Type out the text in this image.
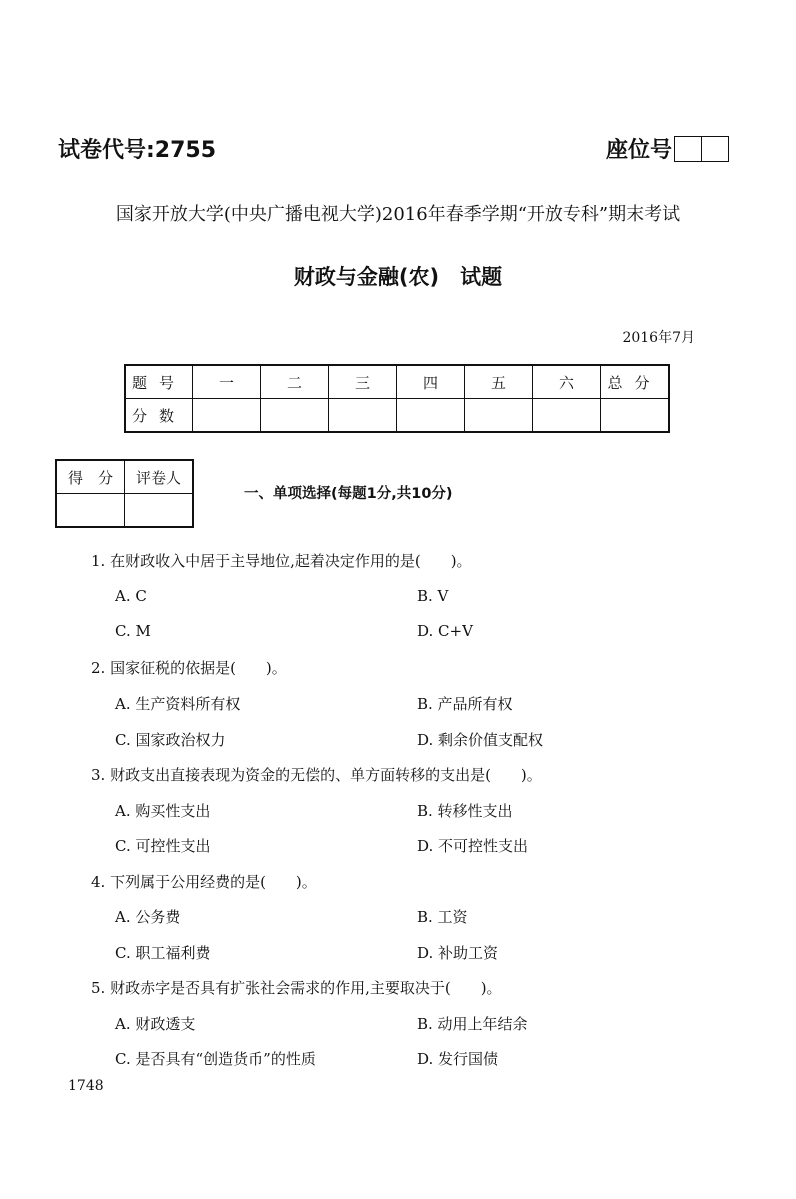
试卷代号:2755	座位号
国家开放大学(中央广播电视大学)2016年春季学期“开放专科”期末考试
财政与金融(农)　试题
2016年7月
题号	一	二	三	四	五	六	总分
分数							
得　分	评卷人

一、单项选择(每题1分,共10分)
1. 在财政收入中居于主导地位,起着决定作用的是(　　)。
A. C	B. V
C. M	D. C+V
2. 国家征税的依据是(　　)。
A. 生产资料所有权	B. 产品所有权
C. 国家政治权力	D. 剩余价值支配权
3. 财政支出直接表现为资金的无偿的、单方面转移的支出是(　　)。
A. 购买性支出	B. 转移性支出
C. 可控性支出	D. 不可控性支出
4. 下列属于公用经费的是(　　)。
A. 公务费	B. 工资
C. 职工福利费	D. 补助工资
5. 财政赤字是否具有扩张社会需求的作用,主要取决于(　　)。
A. 财政透支	B. 动用上年结余
C. 是否具有“创造货币”的性质	D. 发行国债
1748
